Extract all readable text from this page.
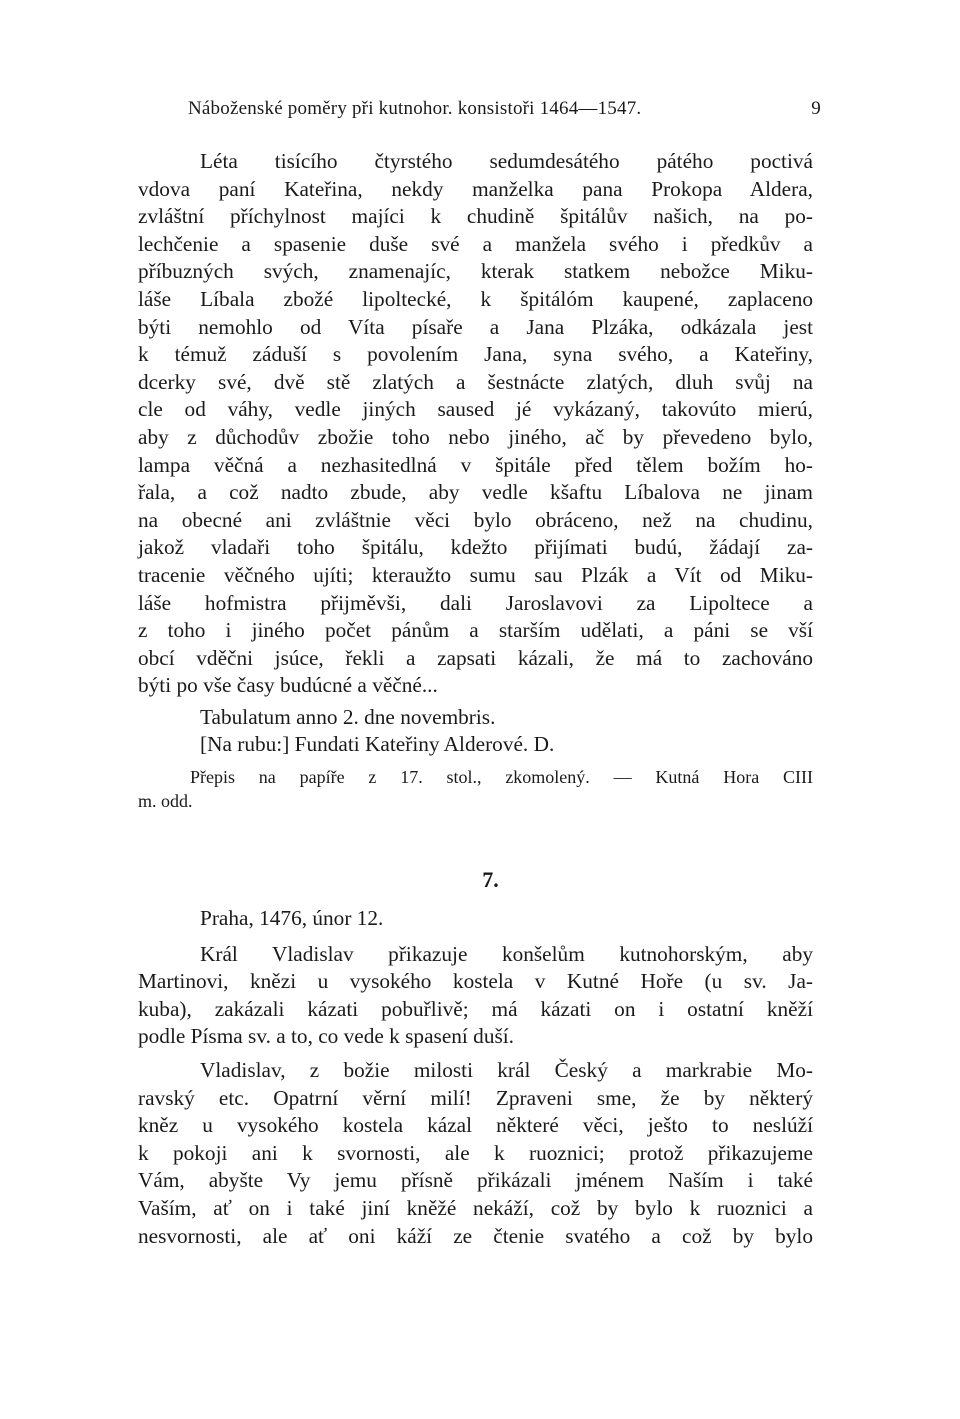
Náboženské poměry při kutnohor. konsistoři 1464—1547.	9
Léta tisícího čtyrstého sedumdesátého pátého poctivá
vdova paní Kateřina, nekdy manželka pana Prokopa Aldera,
zvláštní příchylnost majíci k chudině špitálův našich, na po-
lechčenie a spasenie duše své a manžela svého i předkův a
příbuzných svých, znamenajíc, kterak statkem nebožce Miku-
láše Líbala zbožé lipoltecké, k špitálóm kaupené, zaplaceno
býti nemohlo od Víta písaře a Jana Plzáka, odkázala jest
k témuž záduší s povolením Jana, syna svého, a Kateřiny,
dcerky své, dvě stě zlatých a šestnácte zlatých, dluh svůj na
cle od váhy, vedle jiných saused jé vykázaný, takovúto mierú,
aby z důchodův zbožie toho nebo jiného, ač by převedeno bylo,
lampa věčná a nezhasitedlná v špitále před tělem božím ho-
řala, a což nadto zbude, aby vedle kšaftu Líbalova ne jinam
na obecné ani zvláštnie věci bylo obráceno, než na chudinu,
jakož vladaři toho špitálu, kdežto přijímati budú, žádají za-
tracenie věčného ujíti; kteraužto sumu sau Plzák a Vít od Miku-
láše hofmistra přijměvši, dali Jaroslavovi za Lipoltece a
z toho i jiného počet pánům a starším udělati, a páni se vší
obcí vděčni jsúce, řekli a zapsati kázali, že má to zachováno
býti po vše časy budúcné a věčné...
Tabulatum anno 2. dne novembris.
[Na rubu:] Fundati Kateřiny Alderové. D.
Přepis na papíře z 17. stol., zkomolený. — Kutná Hora CIII
m. odd.
7.
Praha, 1476, únor 12.
Král Vladislav přikazuje konšelům kutnohorským, aby
Martinovi, knězi u vysokého kostela v Kutné Hoře (u sv. Ja-
kuba), zakázali kázati pobuřlivě; má kázati on i ostatní kněží
podle Písma sv. a to, co vede k spasení duší.
Vladislav, z božie milosti král Český a markrabie Mo-
ravský etc. Opatrní věrní milí! Zpraveni sme, že by některý
kněz u vysokého kostela kázal některé věci, ješto to neslúží
k pokoji ani k svornosti, ale k ruoznici; protož přikazujeme
Vám, abyšte Vy jemu přísně přikázali jménem Naším i také
Vaším, ať on i také jiní kněžé nekáží, což by bylo k ruoznici a
nesvornosti, ale ať oni káží ze čtenie svatého a což by bylo
